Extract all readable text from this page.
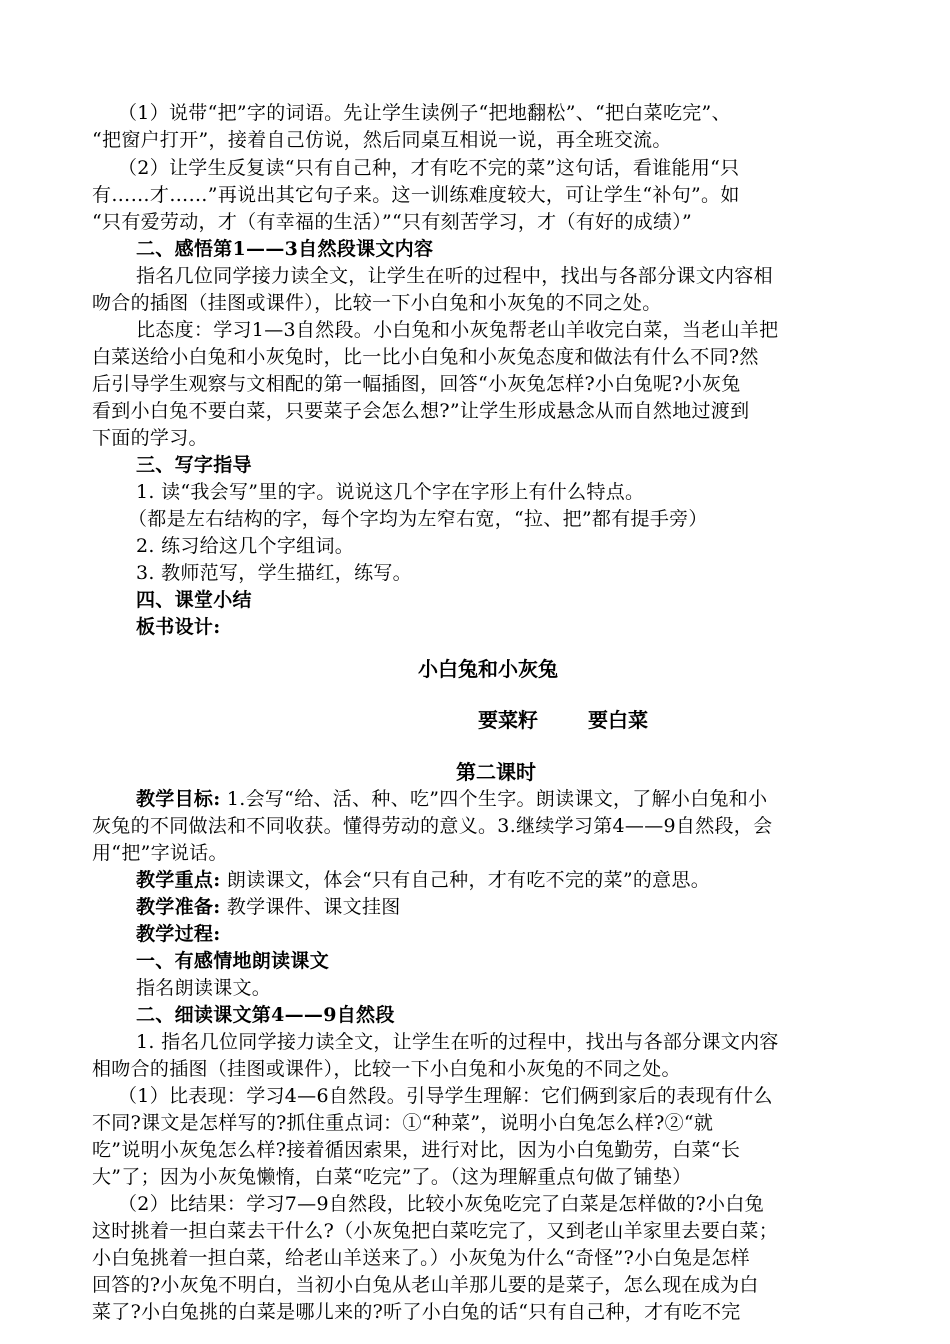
（1）说带“把”字的词语。先让学生读例子“把地翻松”、“把白菜吃完”、

“把窗户打开”，接着自己仿说，然后同桌互相说一说，再全班交流。

（2）让学生反复读“只有自己种，才有吃不完的菜”这句话，看谁能用“只

有……才……”再说出其它句子来。这一训练难度较大，可让学生“补句”。如

“只有爱劳动，才（有幸福的生活）”“只有刻苦学习，才（有好的成绩）”

二、感悟第1——3自然段课文内容

指名几位同学接力读全文，让学生在听的过程中，找出与各部分课文内容相

吻合的插图（挂图或课件），比较一下小白兔和小灰兔的不同之处。

比态度：学习1—3自然段。小白兔和小灰兔帮老山羊收完白菜，当老山羊把

白菜送给小白兔和小灰兔时，比一比小白兔和小灰兔态度和做法有什么不同?然

后引导学生观察与文相配的第一幅插图，回答“小灰兔怎样?小白兔呢?小灰兔

看到小白兔不要白菜，只要菜子会怎么想?”让学生形成悬念从而自然地过渡到

下面的学习。

三、写字指导

1. 读“我会写”里的字。说说这几个字在字形上有什么特点。

（都是左右结构的字，每个字均为左窄右宽，“拉、把”都有提手旁）

2. 练习给这几个字组词。

3. 教师范写，学生描红，练写。

四、课堂小结

板书设计:

小白兔和小灰兔

要菜籽	要白菜

第二课时

教学目标: 1.会写“给、活、种、吃”四个生字。朗读课文，了解小白兔和小

灰兔的不同做法和不同收获。懂得劳动的意义。3.继续学习第4——9自然段，会

用“把”字说话。

教学重点: 朗读课文，体会“只有自己种，才有吃不完的菜”的意思。

教学准备: 教学课件、课文挂图

教学过程:

一、有感情地朗读课文

指名朗读课文。

二、细读课文第4——9自然段

1. 指名几位同学接力读全文，让学生在听的过程中，找出与各部分课文内容

相吻合的插图（挂图或课件），比较一下小白兔和小灰兔的不同之处。

（1）比表现：学习4—6自然段。引导学生理解：它们俩到家后的表现有什么

不同?课文是怎样写的?抓住重点词：①“种菜”，说明小白兔怎么样?②“就

吃”说明小灰兔怎么样?接着循因索果，进行对比，因为小白兔勤劳，白菜“长

大”了；因为小灰兔懒惰，白菜“吃完”了。（这为理解重点句做了铺垫）

（2）比结果：学习7—9自然段，比较小灰兔吃完了白菜是怎样做的?小白兔

这时挑着一担白菜去干什么?（小灰兔把白菜吃完了，又到老山羊家里去要白菜；

小白兔挑着一担白菜，给老山羊送来了。）小灰兔为什么“奇怪”?小白兔是怎样

回答的?小灰兔不明白，当初小白兔从老山羊那儿要的是菜子，怎么现在成为白

菜了?小白兔挑的白菜是哪儿来的?听了小白兔的话“只有自己种，才有吃不完
